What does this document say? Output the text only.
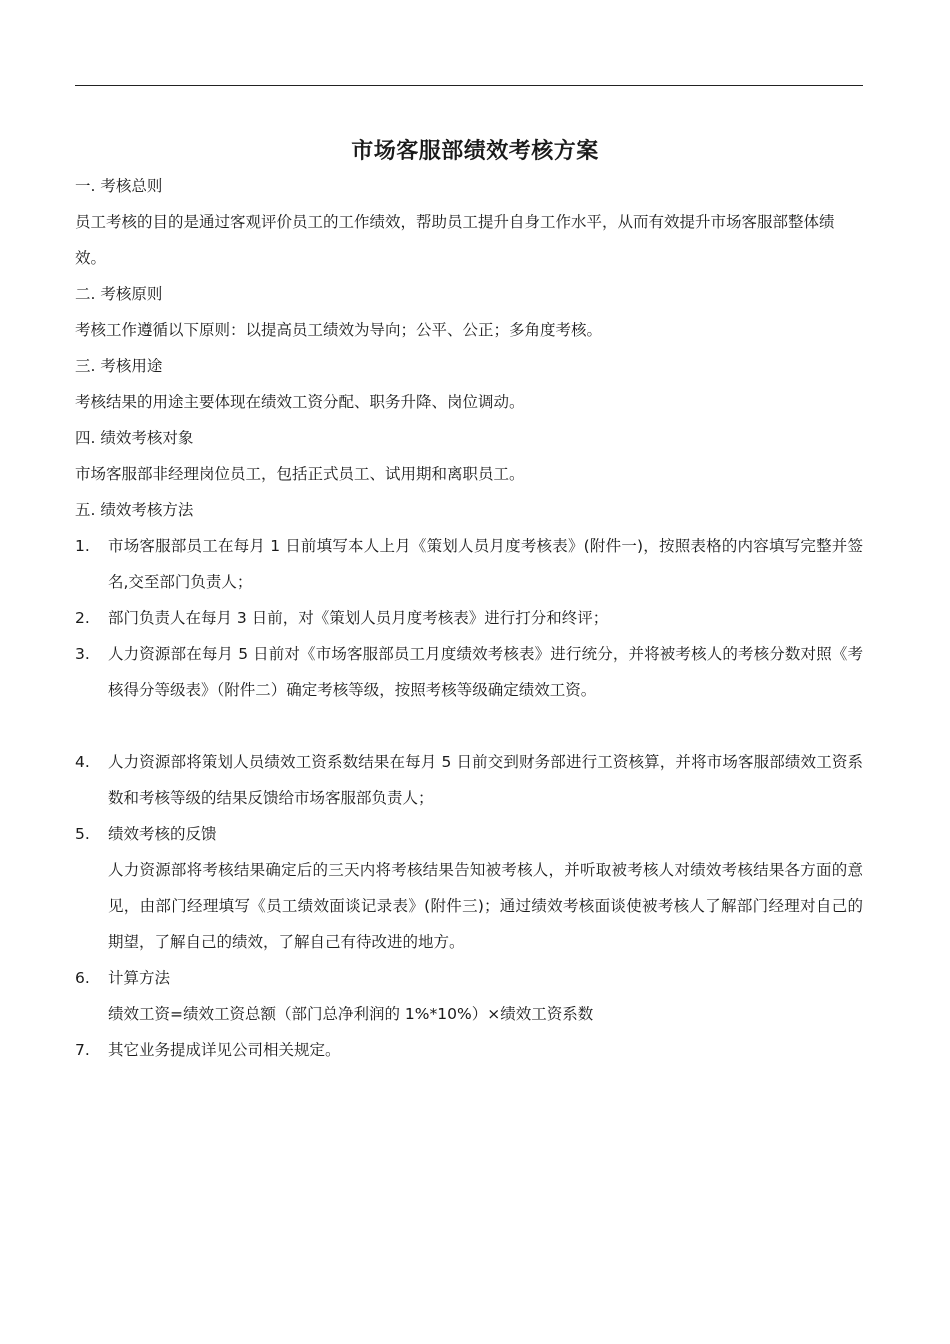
市场客服部绩效考核方案

一. 考核总则

员工考核的目的是通过客观评价员工的工作绩效，帮助员工提升自身工作水平，从而有效提升市场客服部整体绩效。

二. 考核原则

考核工作遵循以下原则：以提高员工绩效为导向；公平、公正；多角度考核。

三. 考核用途

考核结果的用途主要体现在绩效工资分配、职务升降、岗位调动。

四. 绩效考核对象

市场客服部非经理岗位员工，包括正式员工、试用期和离职员工。

五. 绩效考核方法

1.	市场客服部员工在每月 1 日前填写本人上月《策划人员月度考核表》(附件一)，按照表格的内容填写完整并签名,交至部门负责人；
2.	部门负责人在每月 3 日前，对《策划人员月度考核表》进行打分和终评；
3.	人力资源部在每月 5 日前对《市场客服部员工月度绩效考核表》进行统分，并将被考核人的考核分数对照《考核得分等级表》（附件二）确定考核等级，按照考核等级确定绩效工资。
4.	人力资源部将策划人员绩效工资系数结果在每月 5 日前交到财务部进行工资核算，并将市场客服部绩效工资系数和考核等级的结果反馈给市场客服部负责人；
5.	绩效考核的反馈

人力资源部将考核结果确定后的三天内将考核结果告知被考核人，并听取被考核人对绩效考核结果各方面的意见，由部门经理填写《员工绩效面谈记录表》(附件三)；通过绩效考核面谈使被考核人了解部门经理对自己的期望，了解自己的绩效，了解自己有待改进的地方。

6.	计算方法

绩效工资=绩效工资总额（部门总净利润的 1%*10%）×绩效工资系数

7.	其它业务提成详见公司相关规定。
